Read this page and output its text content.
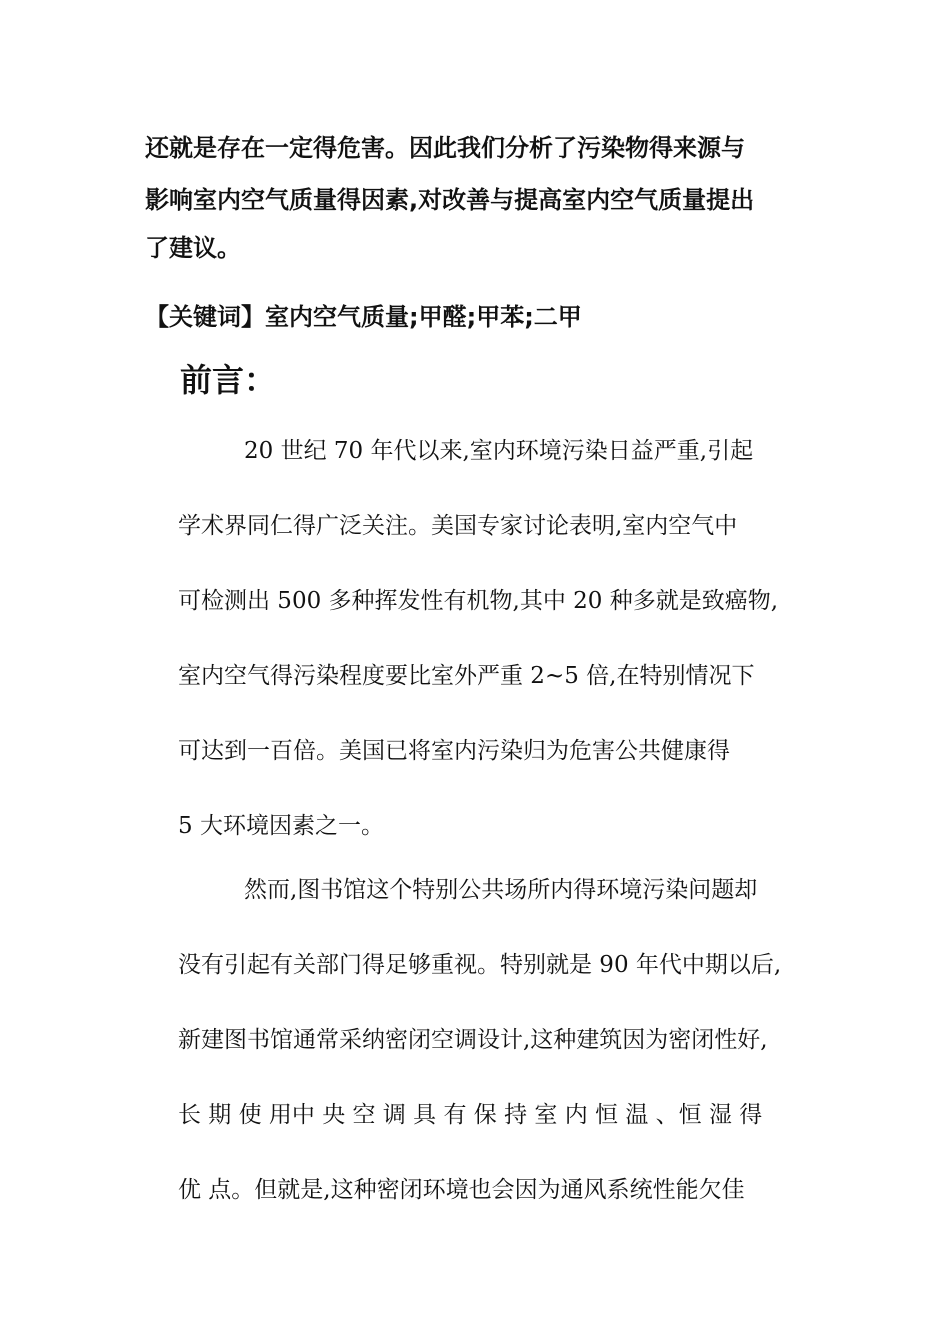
还就是存在一定得危害。因此我们分析了污染物得来源与

影响室内空气质量得因素,对改善与提高室内空气质量提出

了建议。

【关键词】室内空气质量;甲醛;甲苯;二甲

前言：

20 世纪 70 年代以来,室内环境污染日益严重,引起

学术界同仁得广泛关注。美国专家讨论表明,室内空气中

可检测出 500 多种挥发性有机物,其中 20 种多就是致癌物,

室内空气得污染程度要比室外严重 2~5 倍,在特别情况下

可达到一百倍。美国已将室内污染归为危害公共健康得

5 大环境因素之一。

然而,图书馆这个特别公共场所内得环境污染问题却

没有引起有关部门得足够重视。特别就是 90 年代中期以后,

新建图书馆通常采纳密闭空调设计,这种建筑因为密闭性好,

长 期 使 用中 央 空 调 具 有 保 持 室 内 恒 温 、恒 湿 得

优 点。但就是,这种密闭环境也会因为通风系统性能欠佳
